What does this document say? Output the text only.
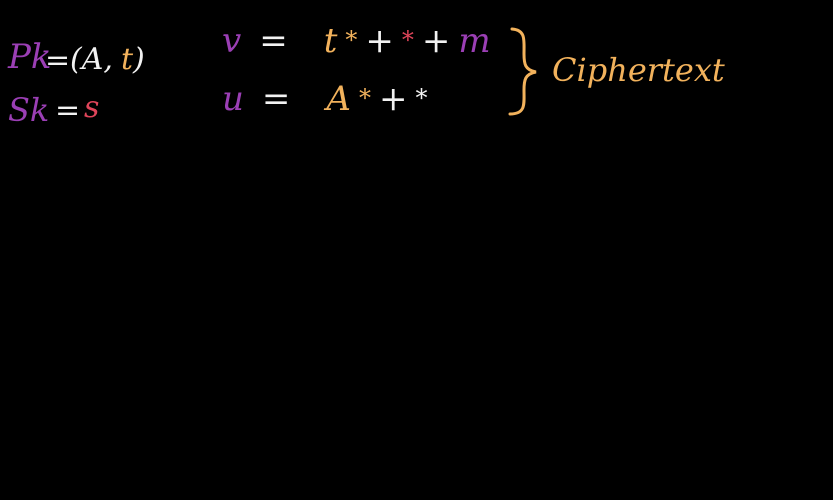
Pk
= (A, t)
Sk = s
v = t * + * + m
u = A * + *
Ciphertext
